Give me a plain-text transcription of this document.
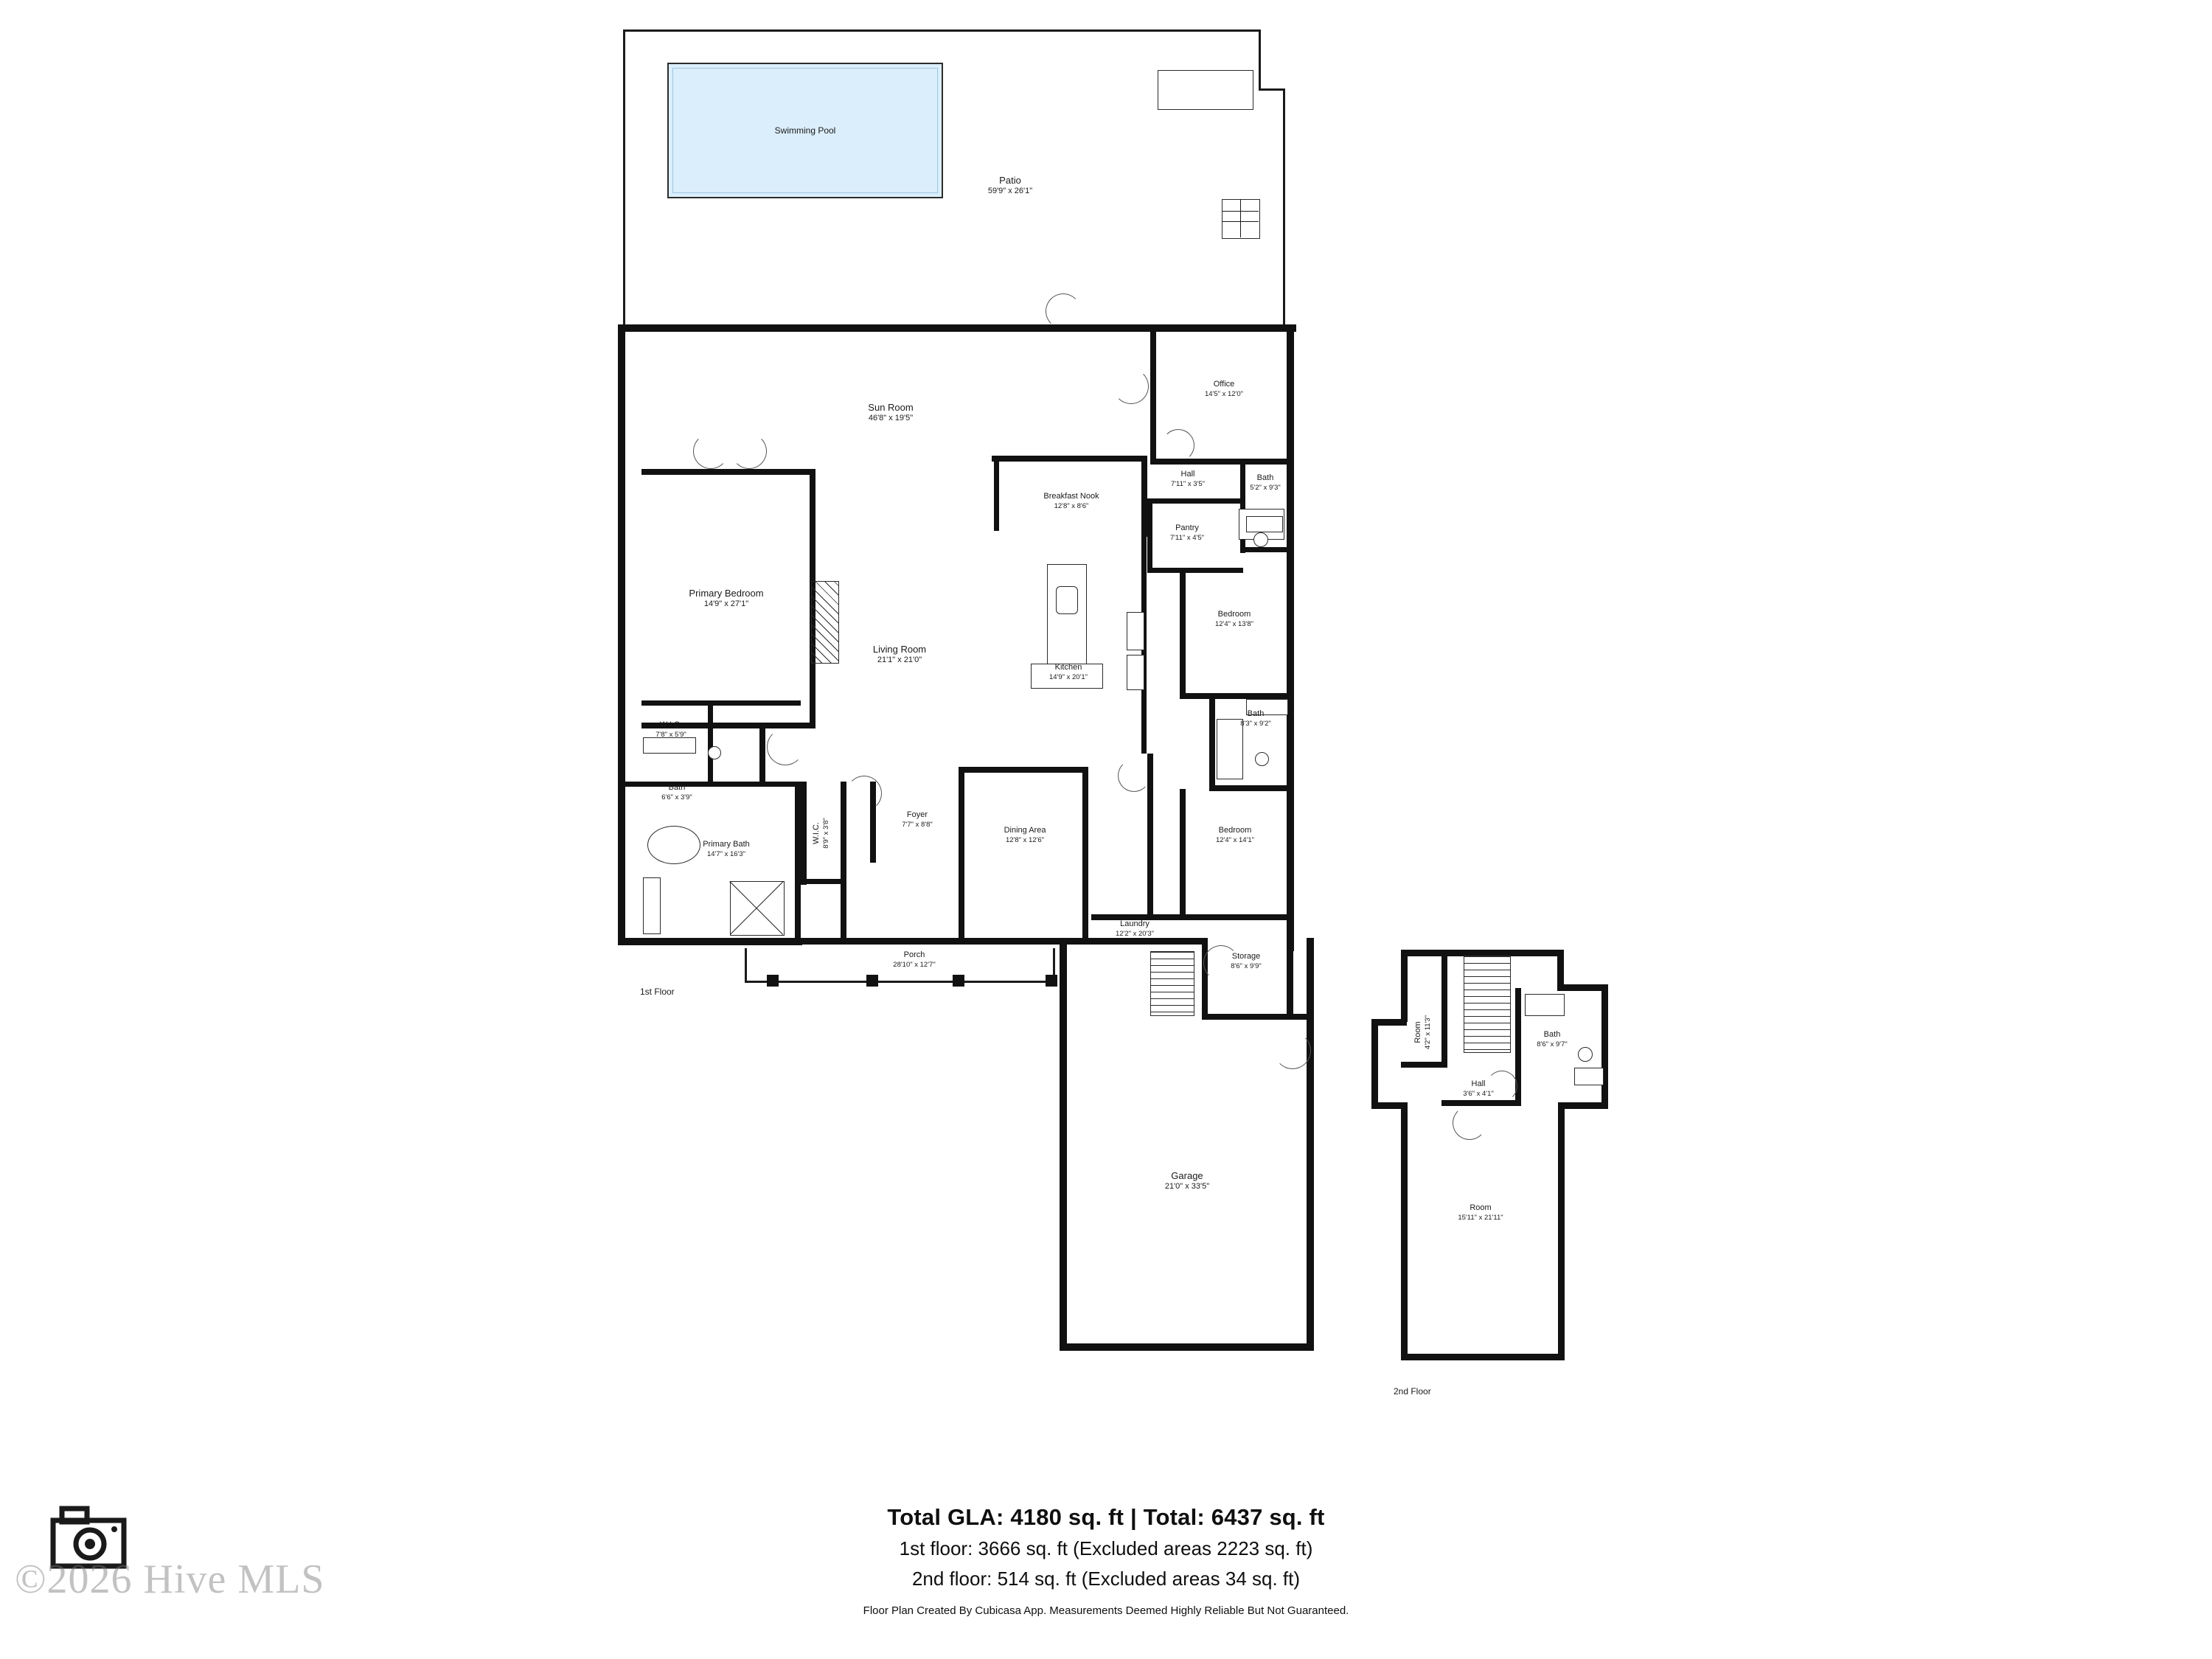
Swimming Pool
Patio
59'9" x 26'1"
Sun Room
46'8" x 19'5"
Office
14'5" x 12'0"
Hall
7'11" x 3'5"
Bath
5'2" x 9'3"
Breakfast Nook
12'8" x 8'6"
Pantry
7'11" x 4'5"
Primary Bedroom
14'9" x 27'1"
Living Room
21'1" x 21'0"
Kitchen
14'9" x 20'1"
Bedroom
12'4" x 13'8"
Bath
8'3" x 9'2"
W.I.C.
7'8" x 5'9"
Bath
6'6" x 3'9"
Foyer
7'7" x 8'8"
Dining Area
12'8" x 12'6"
Bedroom
12'4" x 14'1"
Primary Bath
14'7" x 16'3"
W.I.C. 8'9" x 3'8"
Porch
28'10" x 12'7"
Laundry
12'2" x 20'3"
Storage
8'6" x 9'9"
Garage
21'0" x 33'5"
1st Floor
Room 4'2" x 11'3"	Bath
8'6" x 9'7"
Hall
3'6" x 4'1"
Room
15'11" x 21'11"
2nd Floor
Total GLA: 4180 sq. ft | Total: 6437 sq. ft
1st floor: 3666 sq. ft (Excluded areas 2223 sq. ft)
2nd floor: 514 sq. ft (Excluded areas 34 sq. ft)
Floor Plan Created By Cubicasa App. Measurements Deemed Highly Reliable But Not Guaranteed.
©2026 Hive MLS
